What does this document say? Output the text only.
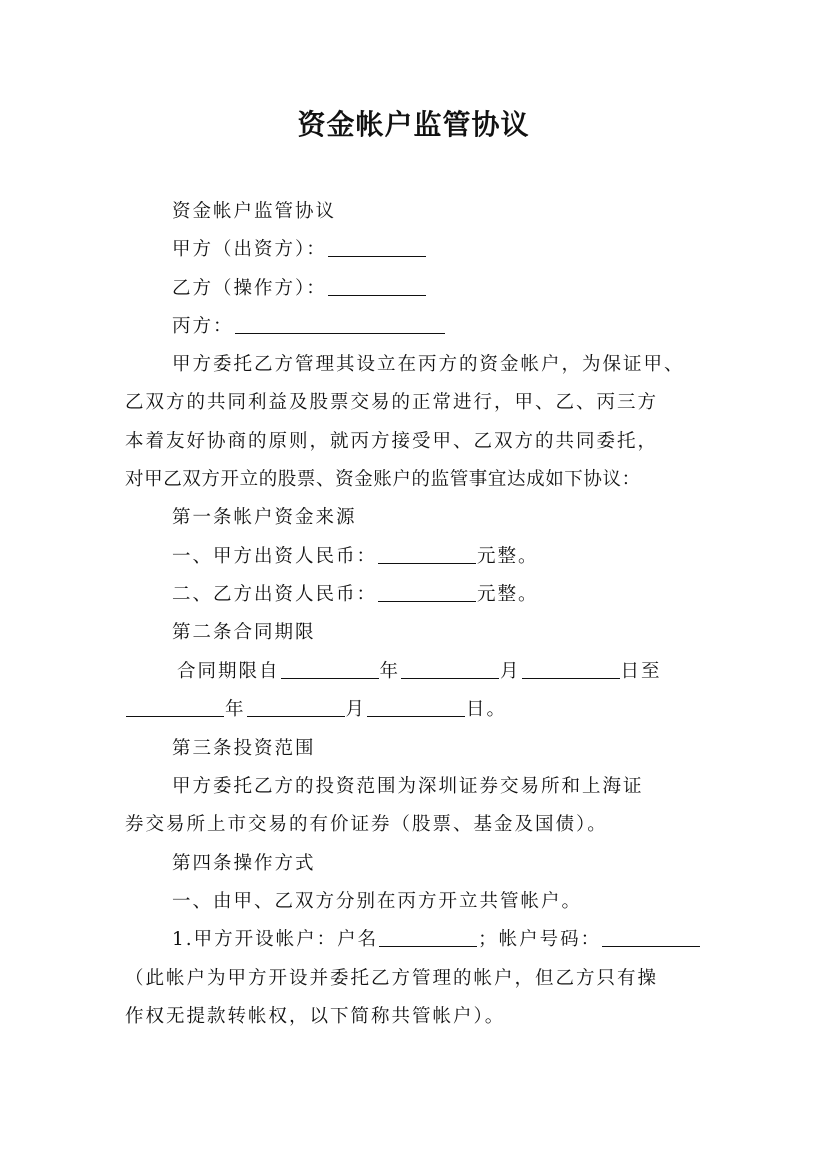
资金帐户监管协议

资金帐户监管协议

甲方（出资方）：

乙方（操作方）：

丙方：

甲方委托乙方管理其设立在丙方的资金帐户，为保证甲、

乙双方的共同利益及股票交易的正常进行，甲、乙、丙三方

本着友好协商的原则，就丙方接受甲、乙双方的共同委托，

对甲乙双方开立的股票、资金账户的监管事宜达成如下协议：

第一条帐户资金来源

一、甲方出资人民币：	元整。

二、乙方出资人民币：	元整。

第二条合同期限

合同期限自	年	月	日至

年	月	日。

第三条投资范围

甲方委托乙方的投资范围为深圳证券交易所和上海证

券交易所上市交易的有价证券（股票、基金及国债）。

第四条操作方式

一、由甲、乙双方分别在丙方开立共管帐户。

1.甲方开设帐户：户名	；帐户号码：

（此帐户为甲方开设并委托乙方管理的帐户，但乙方只有操

作权无提款转帐权，以下简称共管帐户）。
